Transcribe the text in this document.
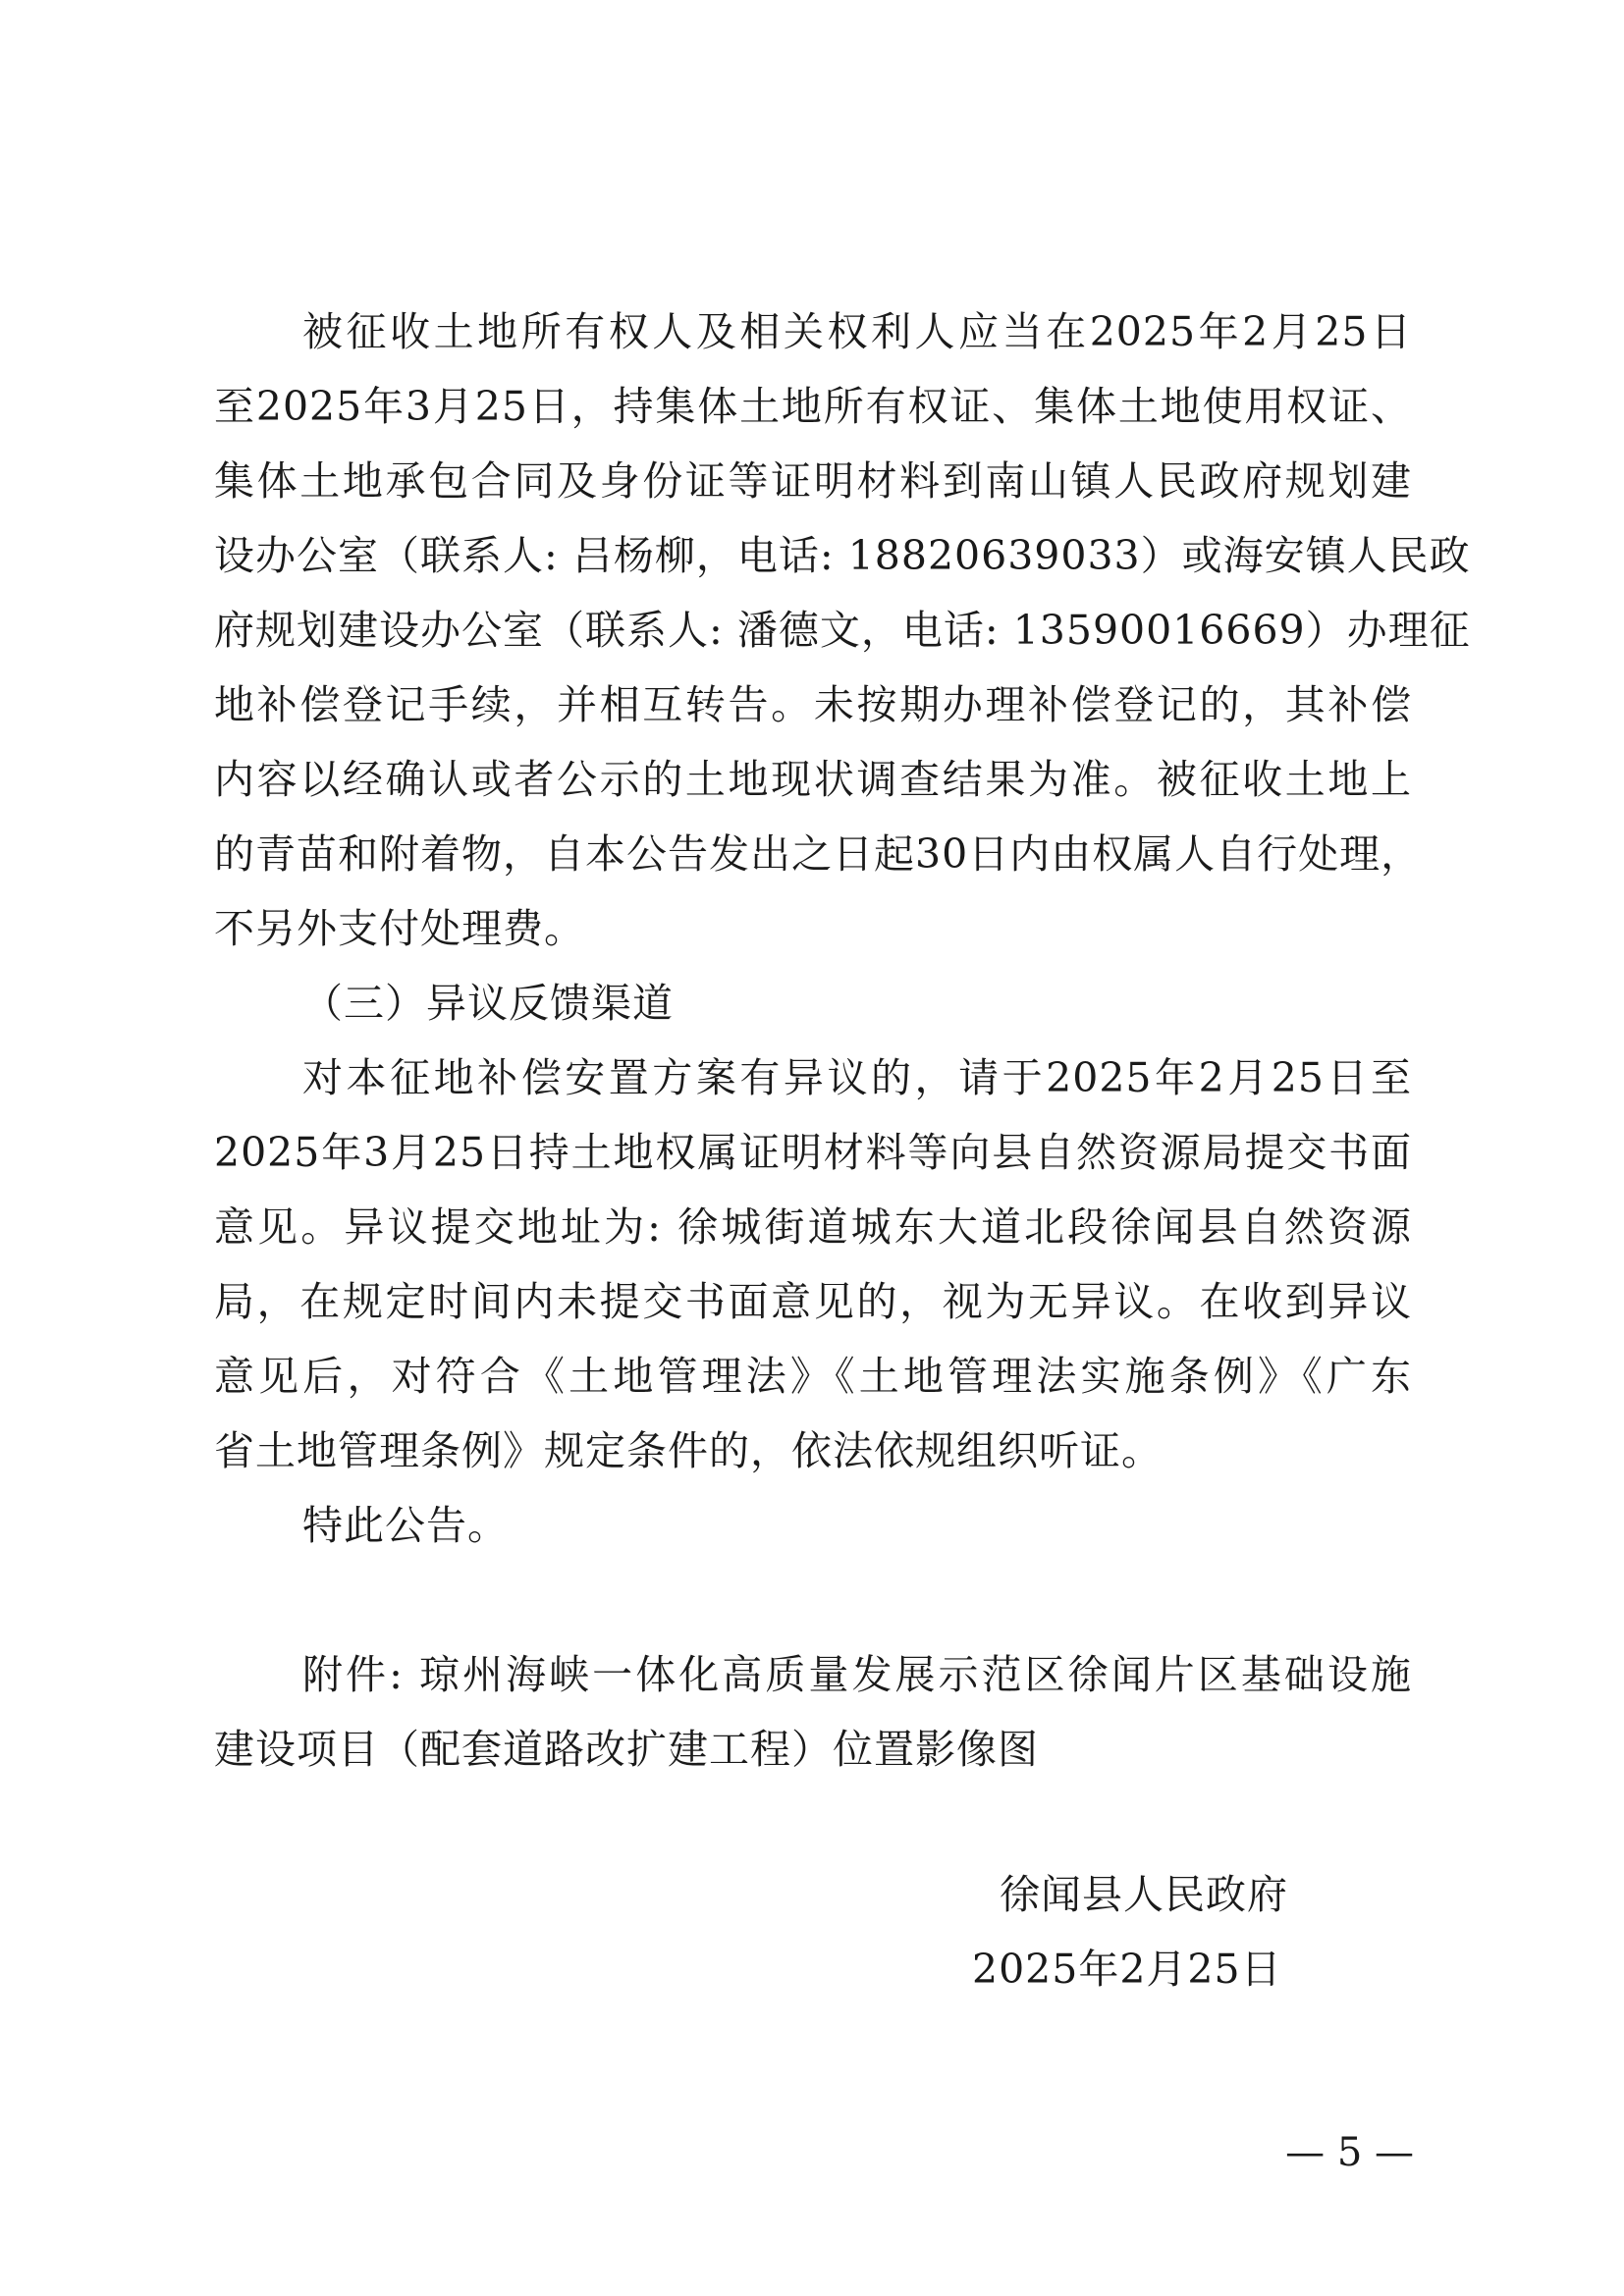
被征收土地所有权人及相关权利人应当在2025年2月25日
至2025年3月25日，持集体土地所有权证、集体土地使用权证、
集体土地承包合同及身份证等证明材料到南山镇人民政府规划建
设办公室（联系人: 吕杨柳，电话: 18820639033）或海安镇人民政
府规划建设办公室（联系人: 潘德文，电话: 13590016669）办理征
地补偿登记手续，并相互转告。未按期办理补偿登记的，其补偿
内容以经确认或者公示的土地现状调查结果为准。被征收土地上
的青苗和附着物，自本公告发出之日起30日内由权属人自行处理，
不另外支付处理费。
（三）异议反馈渠道
对本征地补偿安置方案有异议的，请于2025年2月25日至
2025年3月25日持土地权属证明材料等向县自然资源局提交书面
意见。异议提交地址为: 徐城街道城东大道北段徐闻县自然资源
局，在规定时间内未提交书面意见的，视为无异议。在收到异议
意见后，对符合《土地管理法》《土地管理法实施条例》《广东
省土地管理条例》规定条件的，依法依规组织听证。
特此公告。
附件: 琼州海峡一体化高质量发展示范区徐闻片区基础设施
建设项目（配套道路改扩建工程）位置影像图
徐闻县人民政府
2025年2月25日
— 5 —
